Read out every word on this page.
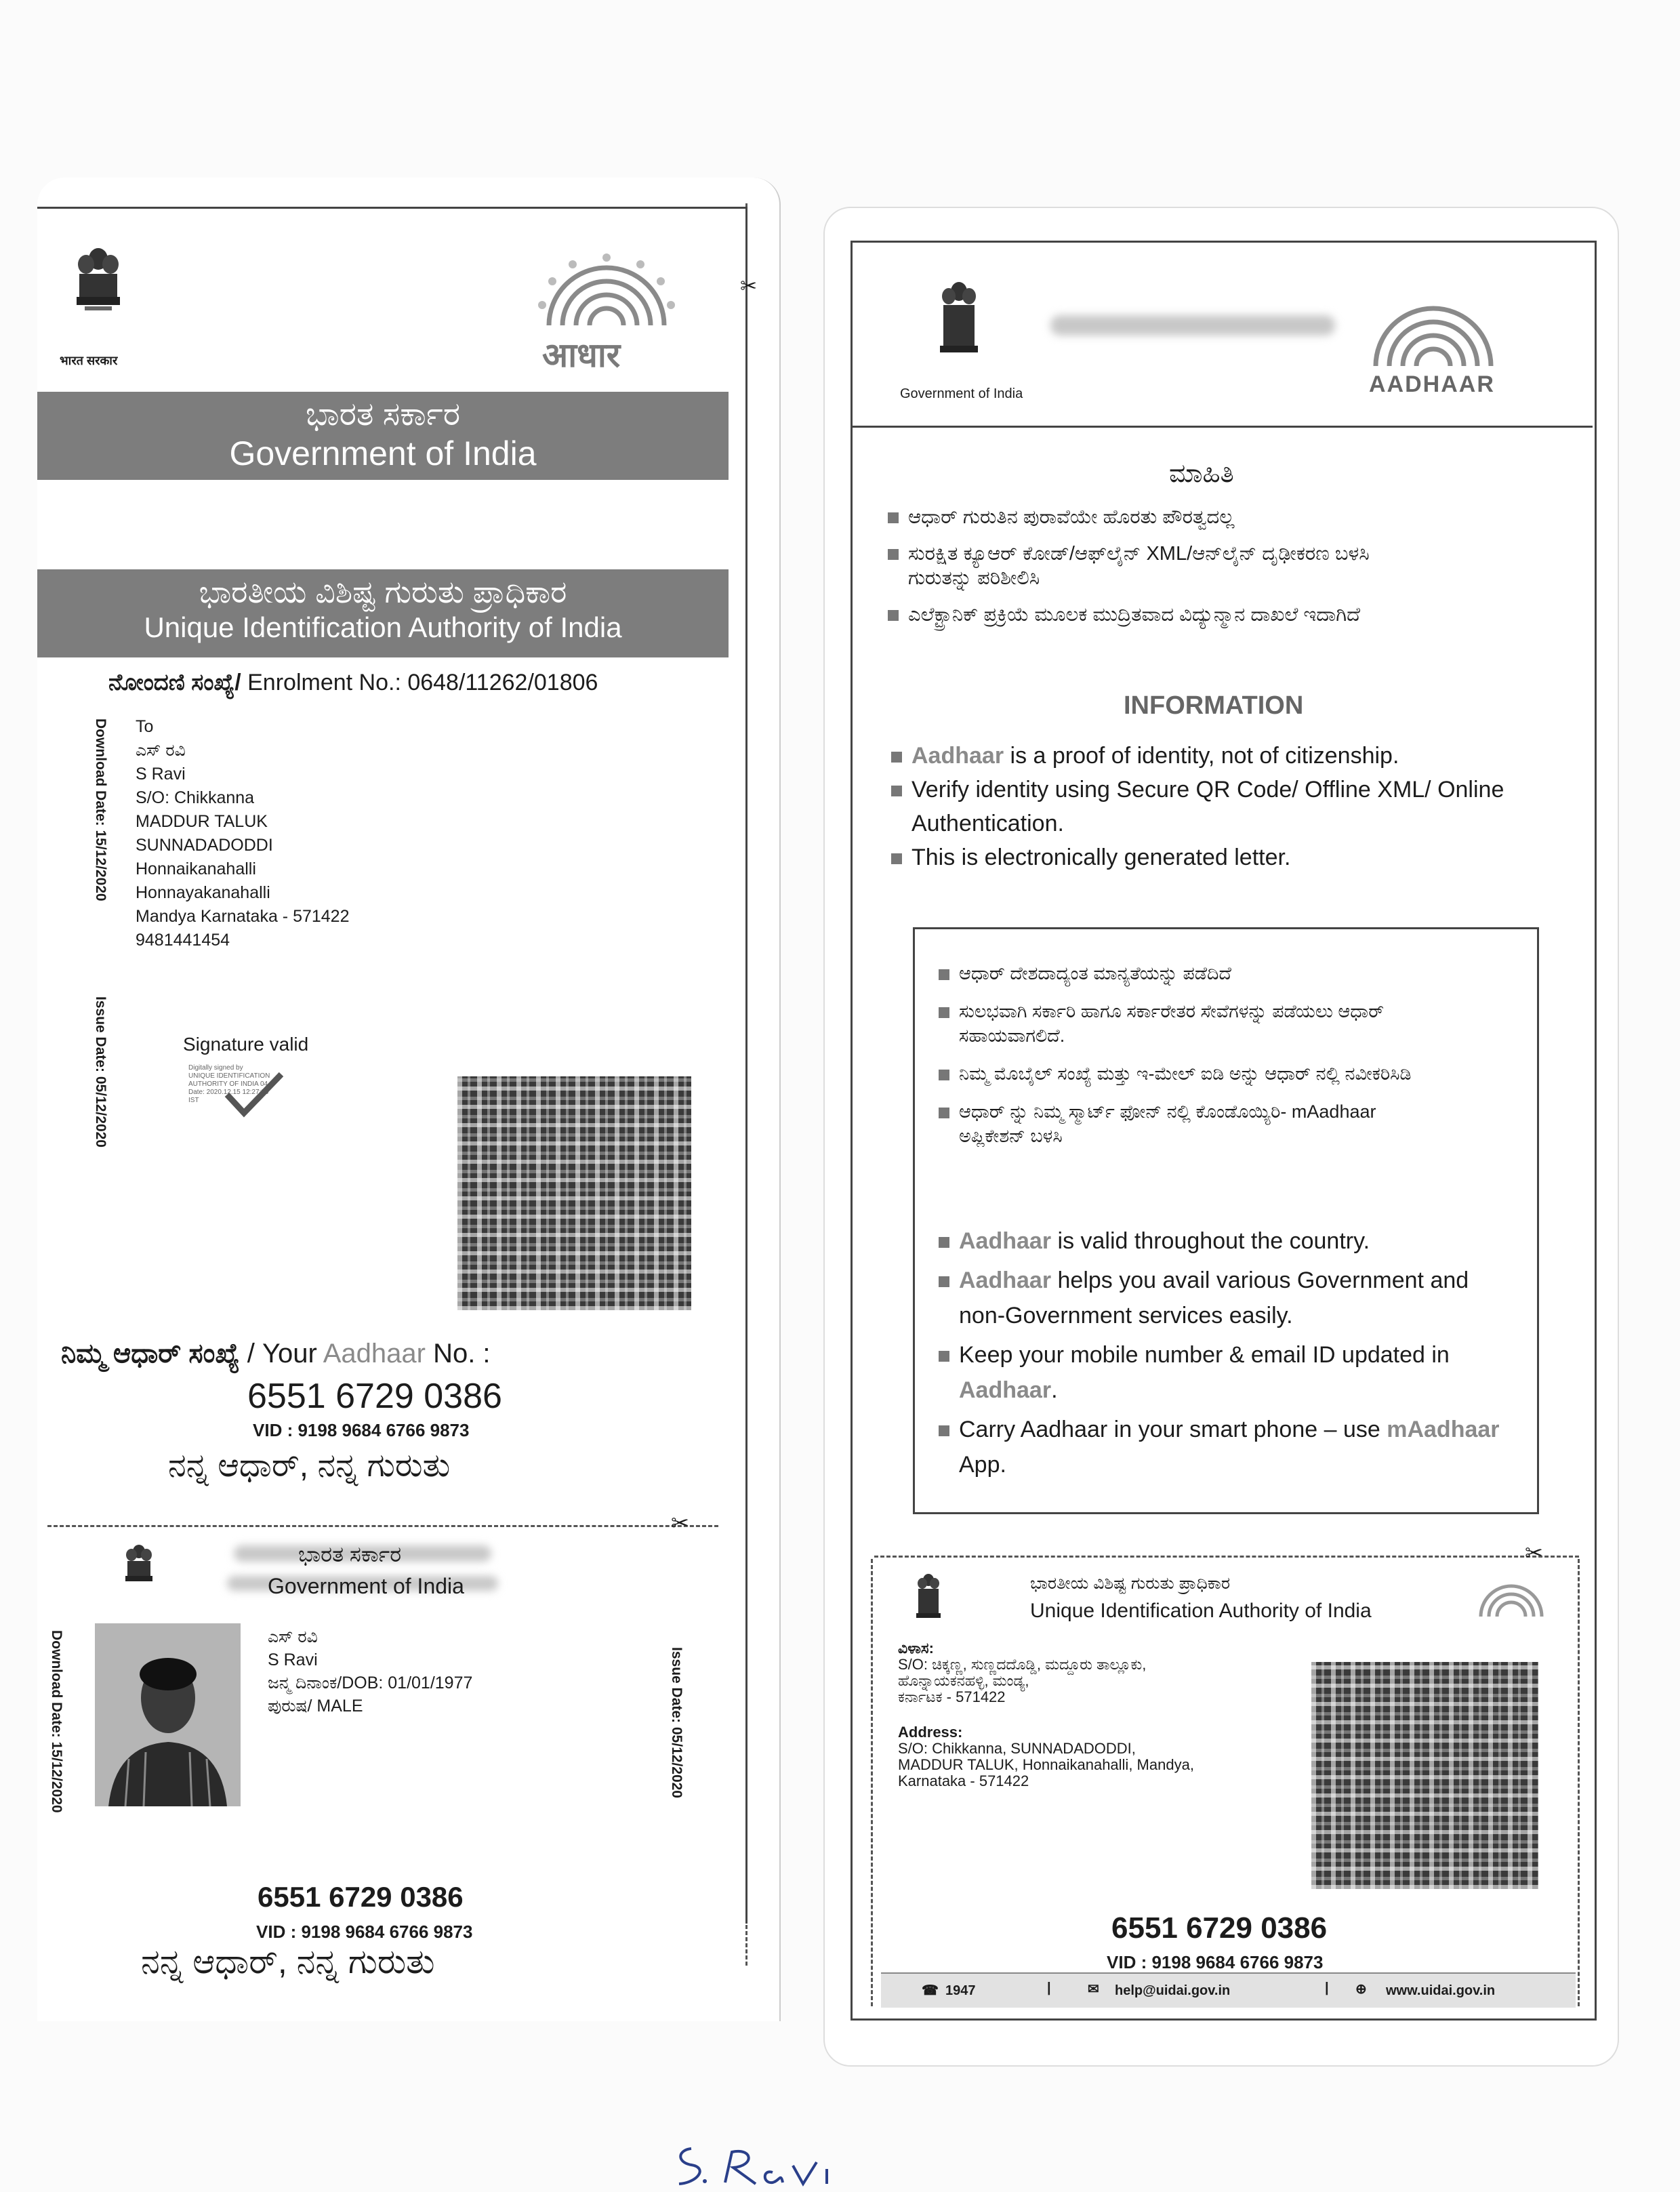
✂
भारत सरकार	आधार
ಭಾರತ ಸರ್ಕಾರ
Government of India
ಭಾರತೀಯ ವಿಶಿಷ್ಟ ಗುರುತು ಪ್ರಾಧಿಕಾರ
Unique Identification Authority of India
ನೋಂದಣಿ ಸಂಖ್ಯೆ/ Enrolment No.: 0648/11262/01806
Download Date: 15/12/2020
Issue Date: 05/12/2020
To
ಎಸ್ ರವಿ
S Ravi
S/O: Chikkanna
MADDUR TALUK
SUNNADADODDI
Honnaikanahalli
Honnayakanahalli
Mandya Karnataka - 571422
9481441454
Signature valid
Digitally signed by
UNIQUE IDENTIFICATION
AUTHORITY OF INDIA 04
Date: 2020.12.15 12:27:00
IST
ನಿಮ್ಮ ಆಧಾರ್ ಸಂಖ್ಯೆ / Your Aadhaar No. :
6551 6729 0386
VID : 9198 9684 6766 9873
ನನ್ನ ಆಧಾರ್, ನನ್ನ ಗುರುತು
✂
ಭಾರತ ಸರ್ಕಾರ
Government of India
Download Date: 15/12/2020	ಎಸ್ ರವಿ
S Ravi
ಜನ್ಮ ದಿನಾಂಕ/DOB: 01/01/1977
ಪುರುಷ/ MALE	Issue Date: 05/12/2020
6551 6729 0386
VID : 9198 9684 6766 9873
ನನ್ನ ಆಧಾರ್, ನನ್ನ ಗುರುತು
Government of India	AADHAAR
ಮಾಹಿತಿ
ಆಧಾರ್ ಗುರುತಿನ ಪುರಾವೆಯೇ ಹೊರತು ಪೌರತ್ವದಲ್ಲ
ಸುರಕ್ಷಿತ ಕ್ಯೂಆರ್ ಕೋಡ್/ಆಫ್‌ಲೈನ್ XML/ಆನ್‌ಲೈನ್ ದೃಢೀಕರಣ ಬಳಸಿ ಗುರುತನ್ನು ಪರಿಶೀಲಿಸಿ
ಎಲೆಕ್ಟ್ರಾನಿಕ್ ಪ್ರಕ್ರಿಯೆ ಮೂಲಕ ಮುದ್ರಿತವಾದ ವಿದ್ಯುನ್ಮಾನ ದಾಖಲೆ ಇದಾಗಿದೆ
INFORMATION
Aadhaar is a proof of identity, not of citizenship.
Verify identity using Secure QR Code/ Offline XML/ Online Authentication.
This is electronically generated letter.
ಆಧಾರ್ ದೇಶದಾದ್ಯಂತ ಮಾನ್ಯತೆಯನ್ನು ಪಡೆದಿದೆ
ಸುಲಭವಾಗಿ ಸರ್ಕಾರಿ ಹಾಗೂ ಸರ್ಕಾರೇತರ ಸೇವೆಗಳನ್ನು ಪಡೆಯಲು ಆಧಾರ್ ಸಹಾಯವಾಗಲಿದೆ.
ನಿಮ್ಮ ಮೊಬೈಲ್ ಸಂಖ್ಯೆ ಮತ್ತು ಇ-ಮೇಲ್ ಐಡಿ ಅನ್ನು ಆಧಾರ್ ನಲ್ಲಿ ನವೀಕರಿಸಿಡಿ
ಆಧಾರ್ ನ್ನು ನಿಮ್ಮ ಸ್ಮಾರ್ಟ್ ಫೋನ್ ನಲ್ಲಿ ಕೊಂಡೊಯ್ಯಿರಿ- mAadhaar ಅಪ್ಲಿಕೇಶನ್ ಬಳಸಿ
Aadhaar is valid throughout the country.
Aadhaar helps you avail various Government and non-Government services easily.
Keep your mobile number & email ID updated in Aadhaar.
Carry Aadhaar in your smart phone – use mAadhaar App.
✂
ಭಾರತೀಯ ವಿಶಿಷ್ಟ ಗುರುತು ಪ್ರಾಧಿಕಾರ
Unique Identification Authority of India
ವಿಳಾಸ:
S/O: ಚಿಕ್ಕಣ್ಣ, ಸುಣ್ಣದದೊಡ್ಡಿ, ಮದ್ದೂರು ತಾಲ್ಲೂಕು,
ಹೊನ್ನಾಯಕನಹಳ್ಳಿ, ಮಂಡ್ಯ,
ಕರ್ನಾಟಕ - 571422
Address:
S/O: Chikkanna, SUNNADADODDI,
MADDUR TALUK, Honnaikanahalli, Mandya,
Karnataka - 571422
6551 6729 0386
VID : 9198 9684 6766 9873
☎ 1947	|	✉ help@uidai.gov.in	| ⊕ www.uidai.gov.in
